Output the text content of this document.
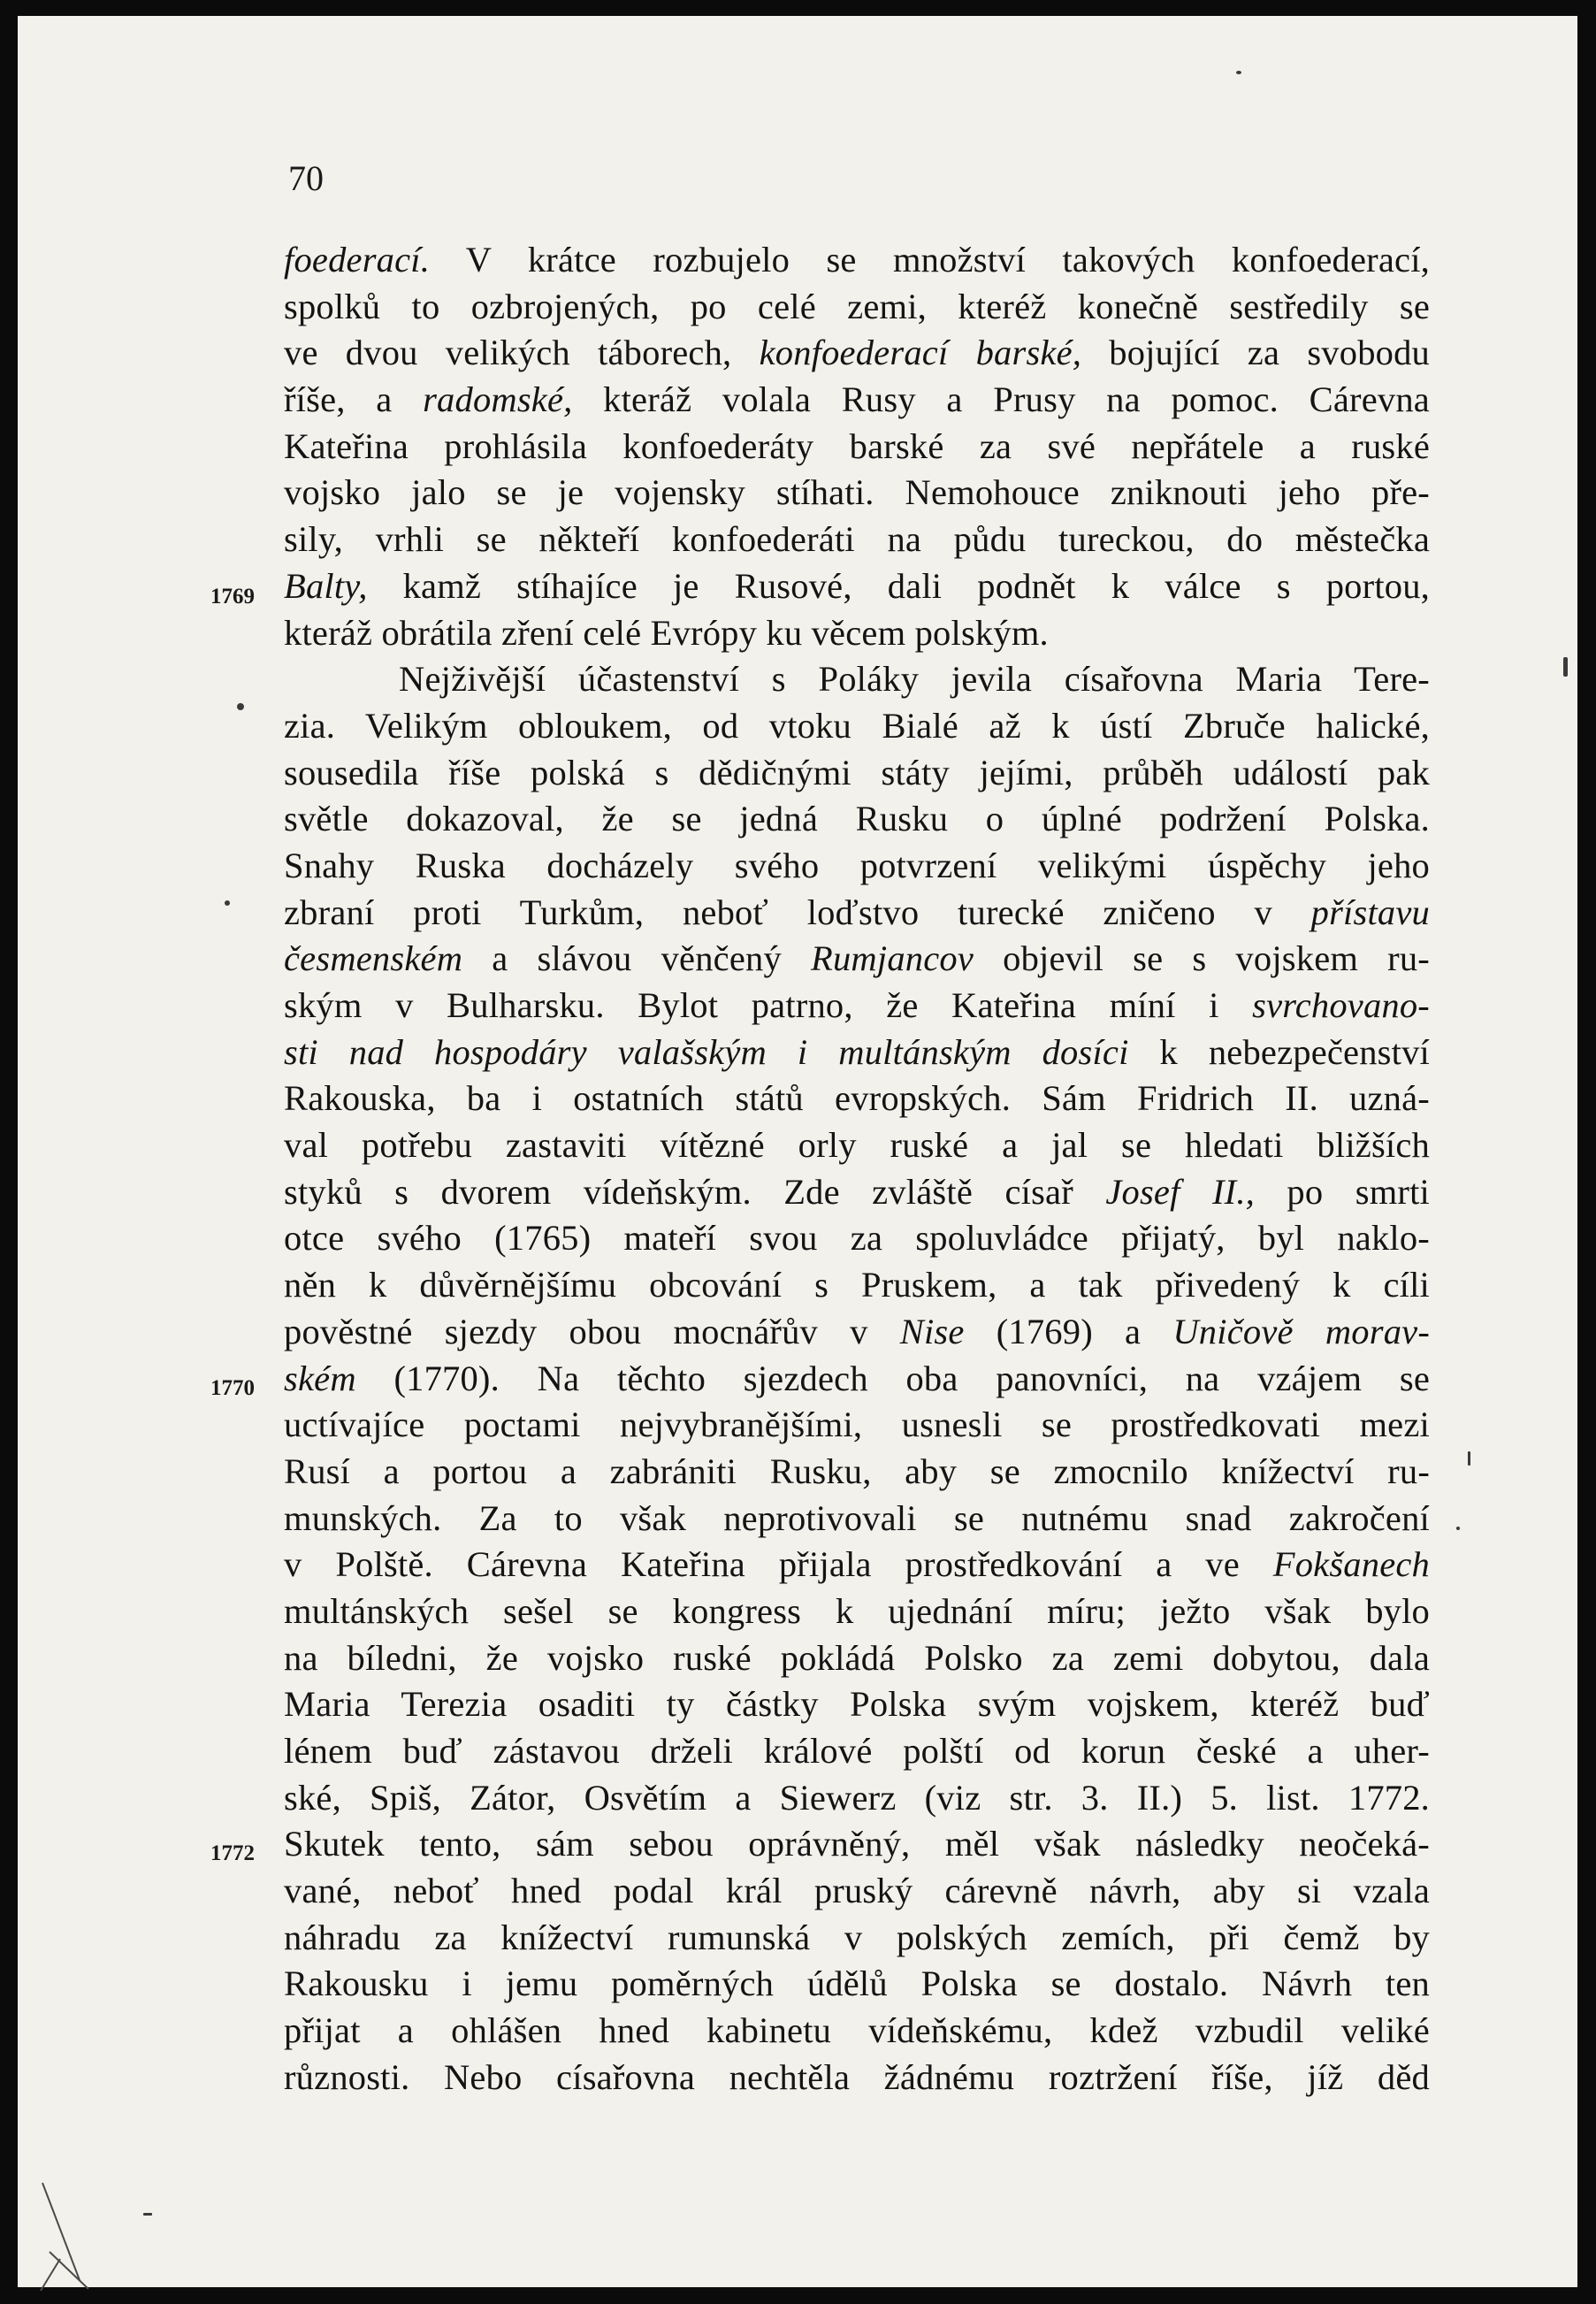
70
1769
1770
1772
foederací. V krátce rozbujelo se množství takových konfoederací,
spolků to ozbrojených, po celé zemi, kteréž konečně sestředily se
ve dvou velikých táborech, konfoederací barské, bojující za svobodu
říše, a radomské, kteráž volala Rusy a Prusy na pomoc. Cárevna
Kateřina prohlásila konfoederáty barské za své nepřátele a ruské
vojsko jalo se je vojensky stíhati. Nemohouce zniknouti jeho pře-
sily, vrhli se někteří konfoederáti na půdu tureckou, do městečka
Balty, kamž stíhajíce je Rusové, dali podnět k válce s portou,
kteráž obrátila zření celé Evrópy ku věcem polským.
Nejživější účastenství s Poláky jevila císařovna Maria Tere-
zia. Velikým obloukem, od vtoku Bialé až k ústí Zbruče halické,
sousedila říše polská s dědičnými státy jejími, průběh událostí pak
světle dokazoval, že se jedná Rusku o úplné podržení Polska.
Snahy Ruska docházely svého potvrzení velikými úspěchy jeho
zbraní proti Turkům, neboť loďstvo turecké zničeno v přístavu
česmenském a slávou věnčený Rumjancov objevil se s vojskem ru-
ským v Bulharsku. Bylot patrno, že Kateřina míní i svrchovano-
sti nad hospodáry valašským i multánským dosíci k nebezpečenství
Rakouska, ba i ostatních států evropských. Sám Fridrich II. uzná-
val potřebu zastaviti vítězné orly ruské a jal se hledati bližších
styků s dvorem vídeňským. Zde zvláště císař Josef II., po smrti
otce svého (1765) mateří svou za spoluvládce přijatý, byl naklo-
něn k důvěrnějšímu obcování s Pruskem, a tak přivedený k cíli
pověstné sjezdy obou mocnářův v Nise (1769) a Uničově morav-
ském (1770). Na těchto sjezdech oba panovníci, na vzájem se
uctívajíce poctami nejvybranějšími, usnesli se prostředkovati mezi
Rusí a portou a zabrániti Rusku, aby se zmocnilo knížectví ru-
munských. Za to však neprotivovali se nutnému snad zakročení
v Polště. Cárevna Kateřina přijala prostředkování a ve Fokšanech
multánských sešel se kongress k ujednání míru; ježto však bylo
na bíledni, že vojsko ruské pokládá Polsko za zemi dobytou, dala
Maria Terezia osaditi ty částky Polska svým vojskem, kteréž buď
lénem buď zástavou drželi králové polští od korun české a uher-
ské, Spiš, Zátor, Osvětím a Siewerz (viz str. 3. II.) 5. list. 1772.
Skutek tento, sám sebou oprávněný, měl však následky neočeká-
vané, neboť hned podal král pruský cárevně návrh, aby si vzala
náhradu za knížectví rumunská v polských zemích, při čemž by
Rakousku i jemu poměrných údělů Polska se dostalo. Návrh ten
přijat a ohlášen hned kabinetu vídeňskému, kdež vzbudil veliké
různosti. Nebo císařovna nechtěla žádnému roztržení říše, jíž děd
